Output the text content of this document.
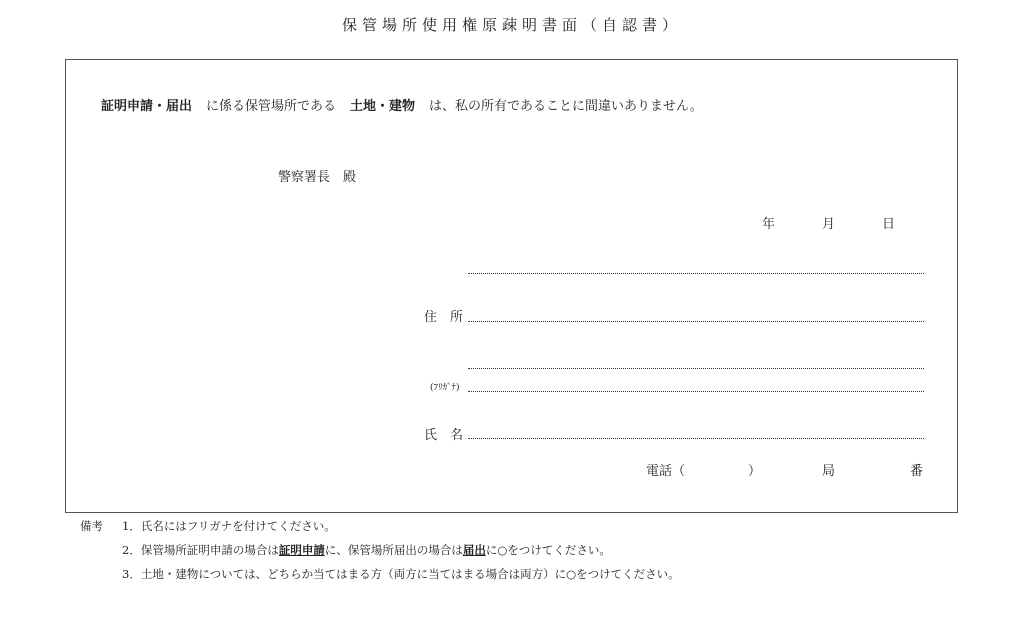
保管場所使用権原疎明書面（自認書）
証明申請・届出 に係る保管場所である 土地・建物 は、私の所有であることに間違いありません。
警察署長　殿
年	月	日
住　所
(ﾌﾘｶﾞﾅ)
氏　名
電話（	）	局	番
備考 1．氏名にはフリガナを付けてください。
2．保管場所証明申請の場合は証明申請に、保管場所届出の場合は届出に○をつけてください。
3．土地・建物については、どちらか当てはまる方（両方に当てはまる場合は両方）に○をつけてください。
